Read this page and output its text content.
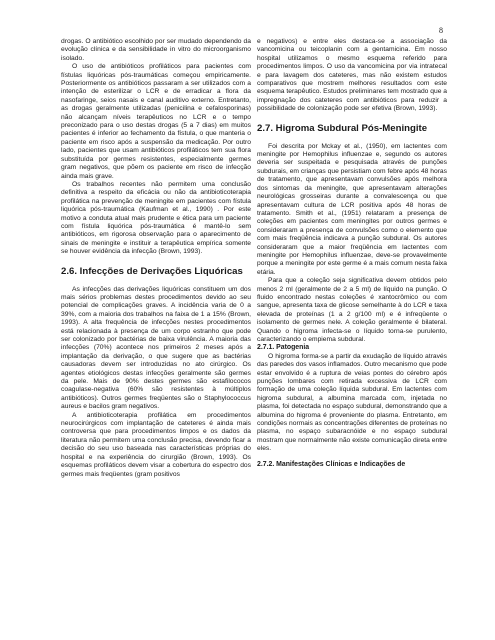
8

drogas. O antibiótico escolhido por ser mudado dependendo da evolução clínica e da sensibilidade in vitro do microorganismo isolado.

O uso de antibióticos profiláticos para pacientes com fístulas liquóricas pós-traumáticas começou empiricamente. Posteriormente os antibióticos passaram a ser utilizados com a intenção de esterilizar o LCR e de erradicar a flora da nasofaringe, seios nasais e canal auditivo externo. Entretanto, as drogas geralmente utilizadas (penicilina e cefalosporinas) não alcançam níveis terapêuticos no LCR e o tempo preconizado para o uso destas drogas (5 a 7 dias) em muitos pacientes é inferior ao fechamento da fístula, o que manteria o paciente em risco após a suspensão da medicação. Por outro lado, pacientes que usam antibióticos profiláticos tem sua flora substituída por germes resistentes, especialmente germes gram negativos, que põem os paciente em risco de infecção ainda mais grave.

Os trabalhos recentes não permitem uma conclusão definitiva a respeito da eficácia ou não da antibioticoterapia profilática na prevenção de meningite em pacientes com fístula liquórica pós-traumática (Kaufman et al., 1990) . Por este motivo a conduta atual mais prudente e ética para um paciente com fístula liquórica pós-traumática é mantê-lo sem antibióticos, em rigorosa observação para o aparecimento de sinais de meningite e instituir a terapêutica empírica somente se houver evidência da infecção (Brown, 1993).

2.6. Infecções de Derivações Liquóricas

As infecções das derivações liquóricas constituem um dos mais sérios problemas destes procedimentos devido ao seu potencial de complicações graves. A incidência varia de 0 a 39%, com a maioria dos trabalhos na faixa de 1 a 15% (Brown, 1993). A alta frequência de infecções nestes procedimentos está relacionada à presença de um corpo estranho que pode ser colonizado por bactérias de baixa virulência. A maioria das infecções (70%) acontece nos primeiros 2 meses após a implantação da derivação, o que sugere que as bactérias causadoras devem ser introduzidas no ato cirúrgico. Os agentes etiológicos destas infecções geralmente são germes da pele. Mais de 90% destes germes são estafilococos coagulase-negativa (60% são resistentes à múltiplos antibióticos). Outros germes freqüentes são o Staphylococcus aureus e bacilos gram negativos.

A antibioticoterapia profilática em procedimentos neurocirúrgicos com implantação de cateteres é ainda mais controversa que para procedimentos limpos e os dados da literatura não permitem uma conclusão precisa, devendo ficar a decisão do seu uso baseada nas características próprias do hospital e na experiência do cirurgião (Brown, 1993). Os esquemas profiláticos devem visar a cobertura do espectro dos germes mais freqüentes (gram positivos

e negativos) e entre eles destaca-se a associação da vancomicina ou teicoplanin com a gentamicina. Em nosso hospital utilizamos o mesmo esquema referido para procedimentos limpos. O uso da vancomicina por via intratecal e para lavagem dos cateteres, mas não existem estudos comparativos que mostrem melhores resultados com este esquema terapêutico. Estudos preliminares tem mostrado que a impregnação dos cateteres com antibióticos para reduzir a possibilidade de colonização pode ser efetiva (Brown, 1993).

2.7. Higroma Subdural Pós-Meningite

Foi descrita por Mckay et al., (1950), em lactentes com meningite por Hemophilus influenzae e, segundo os autores deveria ser suspeitada e pesquisada através de punções subdurais, em crianças que persistiam com febre após 48 horas de tratamento, que apresentavam convulsões após melhora dos sintomas da meningite, que apresentavam alterações neurológicas grosseiras durante a convalescença ou que apresentavam cultura de LCR positiva após 48 horas de tratamento. Smith et al., (1951) relataram a presença de coleções em pacientes com meningites por outros germes e consideraram a presença de convulsões como o elemento que com mais freqüência indicava a punção subdural. Os autores consideraram que a maior freqüência em lactentes com meningite por Hemophilus influenzae, deve-se provavelmente porque a meningite por este germe é a mais comum nesta faixa etária.

Para que a coleção seja significativa devem obtidos pelo menos 2 ml (geralmente de 2 a 5 ml) de líquido na punção. O fluido encontrado nestas coleções é xantocrômico ou com sangue, apresenta taxa de glicose semelhante à do LCR e taxa elevada de proteínas (1 a 2 g/100 ml) e é infreqüente o isolamento de germes nele. A coleção geralmente é bilateral. Quando o higroma infecta-se o líquido torna-se purulento, caracterizando o empiema subdural.

2.7.1. Patogenia

O higroma forma-se a partir da exudação de líquido através das paredes dos vasos inflamados. Outro mecanismo que pode estar envolvido é a ruptura de veias pontes do cérebro após punções lombares com retirada excessiva de LCR com formação de uma coleção líquida subdural. Em lactentes com higroma subdural, a albumina marcada com, injetada no plasma, foi detectada no espaço subdural, demonstrando que a albumina do higroma é proveniente do plasma. Entretanto, em condições normais as concentrações diferentes de proteínas no plasma, no espaço subaracnóide e no espaço subdural mostram que normalmente não existe comunicação direta entre eles.

2.7.2. Manifestações Clínicas e Indicações de
